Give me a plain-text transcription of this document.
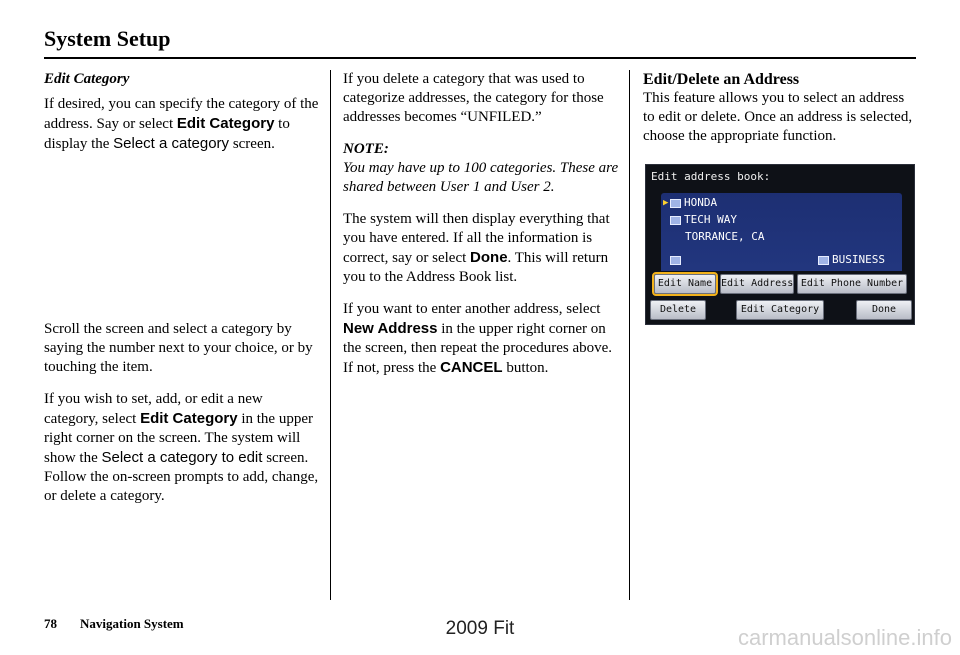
System Setup

Edit Category

If desired, you can specify the category of the address. Say or select Edit Category to display the Select a category screen.

Scroll the screen and select a category by saying the number next to your choice, or by touching the item.

If you wish to set, add, or edit a new category, select Edit Category in the upper right corner on the screen. The system will show the Select a category to edit screen. Follow the on-screen prompts to add, change, or delete a category.

If you delete a category that was used to categorize addresses, the category for those addresses becomes “UNFILED.”

NOTE:

You may have up to 100 categories. These are shared between User 1 and User 2.

The system will then display everything that you have entered. If all the information is correct, say or select Done. This will return you to the Address Book list.

If you want to enter another address, select New Address in the upper right corner on the screen, then repeat the procedures above. If not, press the CANCEL button.

Edit/Delete an Address

This feature allows you to select an address to edit or delete. Once an address is selected, choose the appropriate function.

Edit address book:
▶	HONDA
TECH WAY
TORRANCE, CA
BUSINESS
Edit Name Edit Address Edit Phone Number
Delete	Edit Category	Done
78 Navigation System	2009 Fit	carmanualsonline.info
